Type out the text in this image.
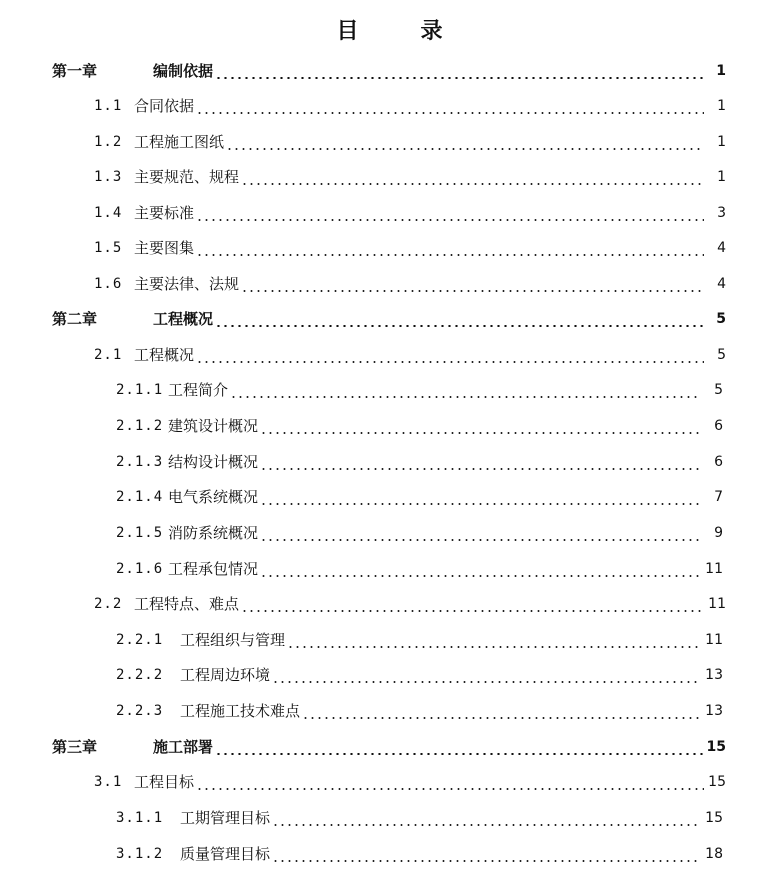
目	录
第一章	编制依据	1
1.1 合同依据	1
1.2 工程施工图纸	1
1.3 主要规范、规程	1
1.4 主要标准	3
1.5 主要图集	4
1.6 主要法律、法规	4
第二章	工程概况	5
2.1 工程概况	5
2.1.1 工程简介	5
2.1.2 建筑设计概况	6
2.1.3 结构设计概况	6
2.1.4 电气系统概况	7
2.1.5 消防系统概况	9
2.1.6 工程承包情况	11
2.2 工程特点、难点	11
2.2.1	工程组织与管理	11
2.2.2	工程周边环境	13
2.2.3	工程施工技术难点	13
第三章	施工部署	15
3.1 工程目标	15
3.1.1	工期管理目标	15
3.1.2	质量管理目标	18
